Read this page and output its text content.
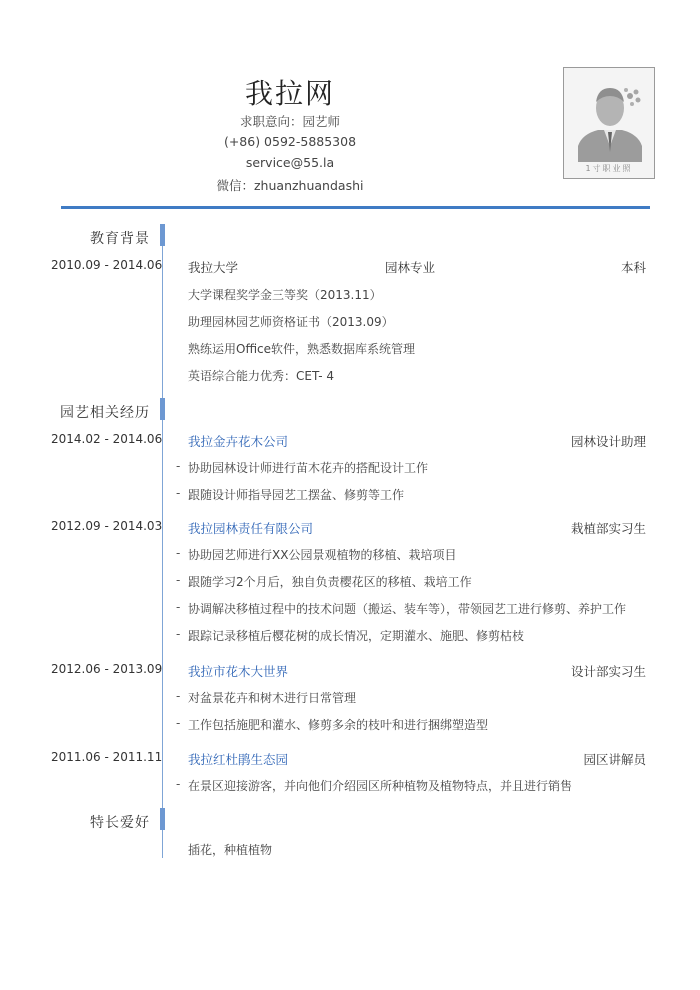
我拉网
求职意向：园艺师
(+86) 0592-5885308
service@55.la
微信：zhuanzhuandashi
1寸职业照
教育背景
2010.09 - 2014.06 我拉大学	园林专业	本科
大学课程奖学金三等奖（2013.11）
助理园林园艺师资格证书（2013.09）
熟练运用Office软件，熟悉数据库系统管理
英语综合能力优秀：CET- 4
园艺相关经历
2014.02 - 2014.06 我拉金卉花木公司	园林设计助理
- 协助园林设计师进行苗木花卉的搭配设计工作
- 跟随设计师指导园艺工摆盆、修剪等工作
2012.09 - 2014.03 我拉园林责任有限公司	栽植部实习生
- 协助园艺师进行XX公园景观植物的移植、栽培项目
- 跟随学习2个月后，独自负责樱花区的移植、栽培工作
- 协调解决移植过程中的技术问题（搬运、装车等），带领园艺工进行修剪、养护工作
- 跟踪记录移植后樱花树的成长情况，定期灌水、施肥、修剪枯枝
2012.06 - 2013.09 我拉市花木大世界	设计部实习生
- 对盆景花卉和树木进行日常管理
- 工作包括施肥和灌水、修剪多余的枝叶和进行捆绑塑造型
2011.06 - 2011.11 我拉红杜鹃生态园	园区讲解员
- 在景区迎接游客，并向他们介绍园区所种植物及植物特点，并且进行销售
特长爱好
插花，种植植物
